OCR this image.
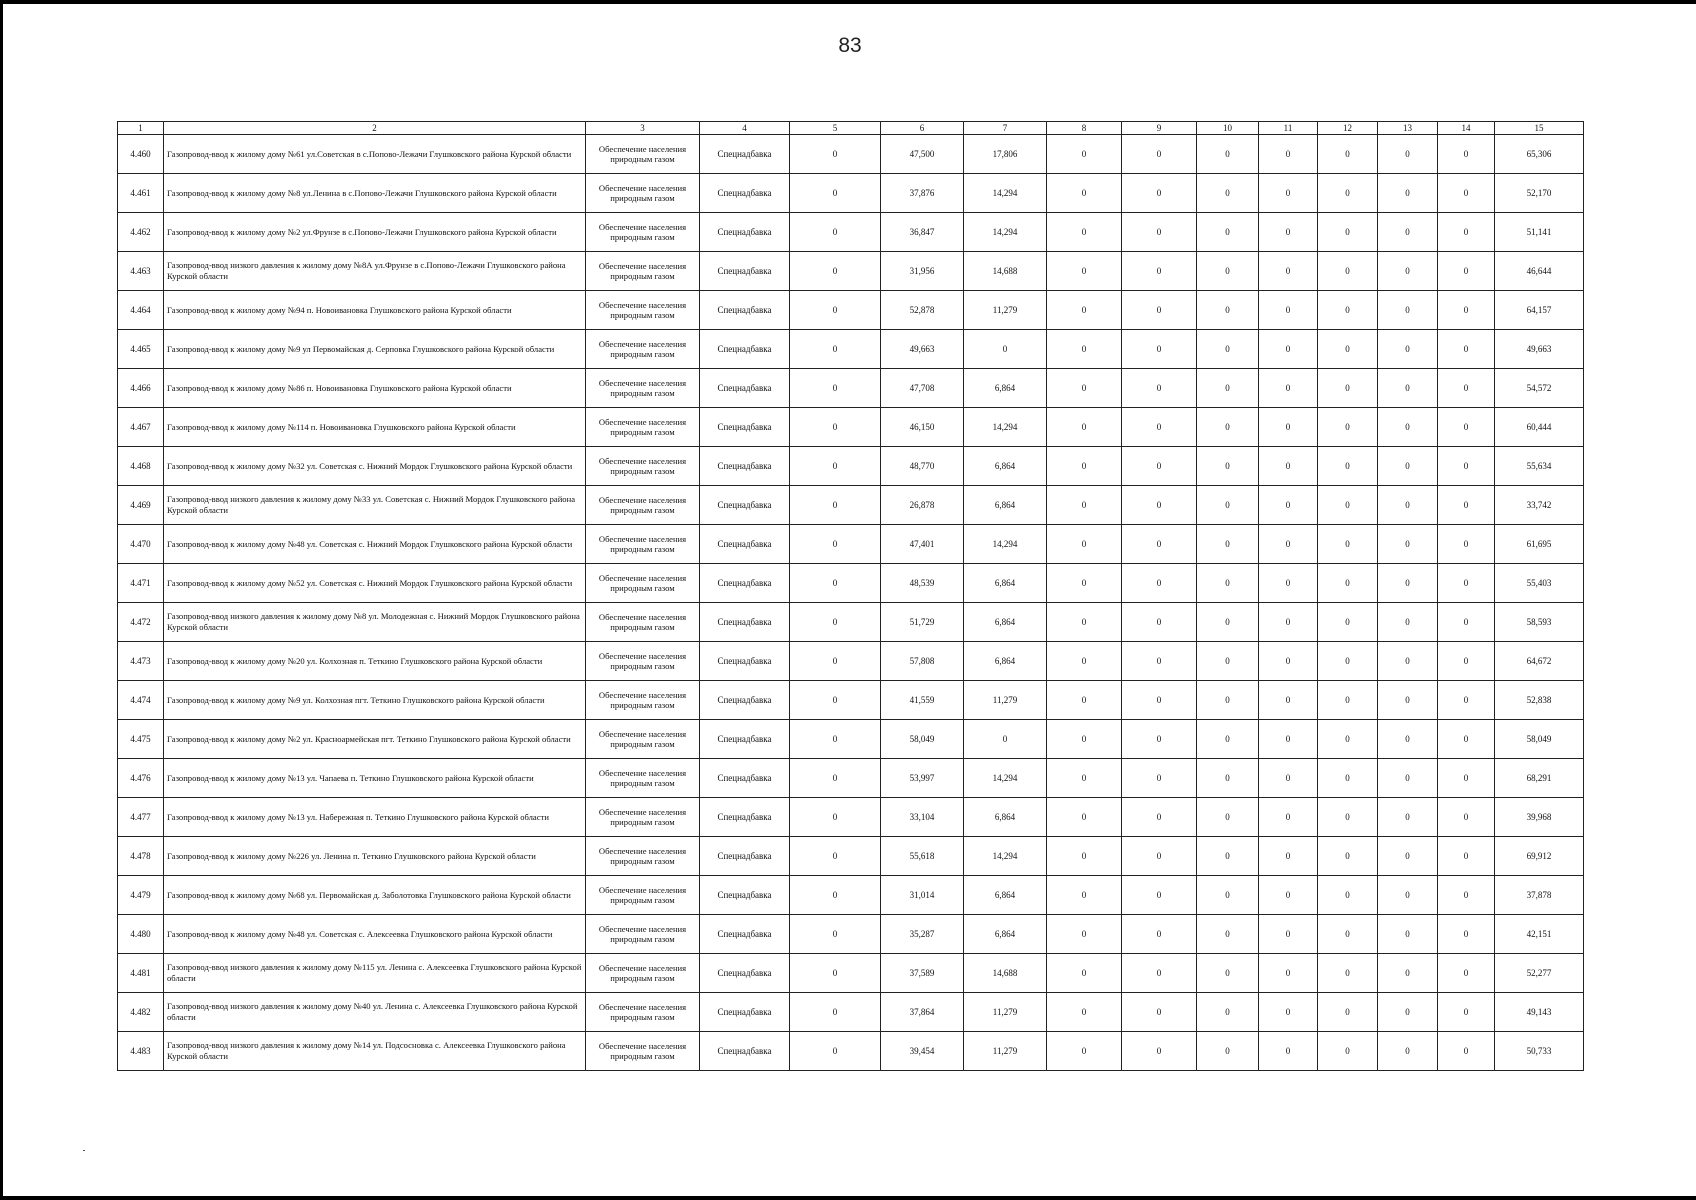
83
1	2	3	4	5	6	7	8	9	10	11	12	13	14	15
4.460	Газопровод-ввод к жилому дому №61 ул.Советская в с.Попово-Лежачи Глушковского района Курской области	Обеспечение населения природным газом	Спецнадбавка	0	47,500	17,806	0	0	0	0	0	0	0	65,306
4.461	Газопровод-ввод к жилому дому №8 ул.Ленина в с.Попово-Лежачи Глушковского района Курской области	Обеспечение населения природным газом	Спецнадбавка	0	37,876	14,294	0	0	0	0	0	0	0	52,170
4.462	Газопровод-ввод к жилому дому №2 ул.Фрунзе в с.Попово-Лежачи Глушковского района Курской области	Обеспечение населения природным газом	Спецнадбавка	0	36,847	14,294	0	0	0	0	0	0	0	51,141
4.463	Газопровод-ввод низкого давления к жилому дому №8А ул.Фрунзе в с.Попово-Лежачи Глушковского района Курской области	Обеспечение населения природным газом	Спецнадбавка	0	31,956	14,688	0	0	0	0	0	0	0	46,644
4.464	Газопровод-ввод к жилому дому №94 п. Новоивановка Глушковского района Курской области	Обеспечение населения природным газом	Спецнадбавка	0	52,878	11,279	0	0	0	0	0	0	0	64,157
4.465	Газопровод-ввод к жилому дому №9 ул Первомайская д. Серповка Глушковского района Курской области	Обеспечение населения природным газом	Спецнадбавка	0	49,663	0	0	0	0	0	0	0	0	49,663
4.466	Газопровод-ввод к жилому дому №86 п. Новоивановка Глушковского района Курской области	Обеспечение населения природным газом	Спецнадбавка	0	47,708	6,864	0	0	0	0	0	0	0	54,572
4.467	Газопровод-ввод к жилому дому №114 п. Новоивановка Глушковского района Курской области	Обеспечение населения природным газом	Спецнадбавка	0	46,150	14,294	0	0	0	0	0	0	0	60,444
4.468	Газопровод-ввод к жилому дому №32 ул. Советская с. Нижний Мордок Глушковского района Курской области	Обеспечение населения природным газом	Спецнадбавка	0	48,770	6,864	0	0	0	0	0	0	0	55,634
4.469	Газопровод-ввод низкого давления к жилому дому №33 ул. Советская с. Нижний Мордок Глушковского района Курской области	Обеспечение населения природным газом	Спецнадбавка	0	26,878	6,864	0	0	0	0	0	0	0	33,742
4.470	Газопровод-ввод к жилому дому №48 ул. Советская с. Нижний Мордок Глушковского района Курской области	Обеспечение населения природным газом	Спецнадбавка	0	47,401	14,294	0	0	0	0	0	0	0	61,695
4.471	Газопровод-ввод к жилому дому №52 ул. Советская с. Нижний Мордок Глушковского района Курской области	Обеспечение населения природным газом	Спецнадбавка	0	48,539	6,864	0	0	0	0	0	0	0	55,403
4.472	Газопровод-ввод низкого давления к жилому дому №8 ул. Молодежная с. Нижний Мордок Глушковского района Курской области	Обеспечение населения природным газом	Спецнадбавка	0	51,729	6,864	0	0	0	0	0	0	0	58,593
4.473	Газопровод-ввод к жилому дому №20 ул. Колхозная п. Теткино Глушковского района Курской области	Обеспечение населения природным газом	Спецнадбавка	0	57,808	6,864	0	0	0	0	0	0	0	64,672
4.474	Газопровод-ввод к жилому дому №9 ул. Колхозная пгт. Теткино Глушковского района Курской области	Обеспечение населения природным газом	Спецнадбавка	0	41,559	11,279	0	0	0	0	0	0	0	52,838
4.475	Газопровод-ввод к жилому дому №2 ул. Красноармейская пгт. Теткино Глушковского района Курской области	Обеспечение населения природным газом	Спецнадбавка	0	58,049	0	0	0	0	0	0	0	0	58,049
4.476	Газопровод-ввод к жилому дому №13 ул. Чапаева п. Теткино Глушковского района Курской области	Обеспечение населения природным газом	Спецнадбавка	0	53,997	14,294	0	0	0	0	0	0	0	68,291
4.477	Газопровод-ввод к жилому дому №13 ул. Набережная п. Теткино Глушковского района Курской области	Обеспечение населения природным газом	Спецнадбавка	0	33,104	6,864	0	0	0	0	0	0	0	39,968
4.478	Газопровод-ввод к жилому дому №226 ул. Ленина п. Теткино Глушковского района Курской области	Обеспечение населения природным газом	Спецнадбавка	0	55,618	14,294	0	0	0	0	0	0	0	69,912
4.479	Газопровод-ввод к жилому дому №68 ул. Первомайская д. Заболотовка Глушковского района Курской области	Обеспечение населения природным газом	Спецнадбавка	0	31,014	6,864	0	0	0	0	0	0	0	37,878
4.480	Газопровод-ввод к жилому дому №48 ул. Советская с. Алексеевка Глушковского района Курской области	Обеспечение населения природным газом	Спецнадбавка	0	35,287	6,864	0	0	0	0	0	0	0	42,151
4.481	Газопровод-ввод низкого давления к жилому дому №115 ул. Ленина с. Алексеевка Глушковского района Курской области	Обеспечение населения природным газом	Спецнадбавка	0	37,589	14,688	0	0	0	0	0	0	0	52,277
4.482	Газопровод-ввод низкого давления к жилому дому №40 ул. Ленина с. Алексеевка Глушковского района Курской области	Обеспечение населения природным газом	Спецнадбавка	0	37,864	11,279	0	0	0	0	0	0	0	49,143
4.483	Газопровод-ввод низкого давления к жилому дому №14 ул. Подсосновка с. Алексеевка Глушковского района Курской области	Обеспечение населения природным газом	Спецнадбавка	0	39,454	11,279	0	0	0	0	0	0	0	50,733
